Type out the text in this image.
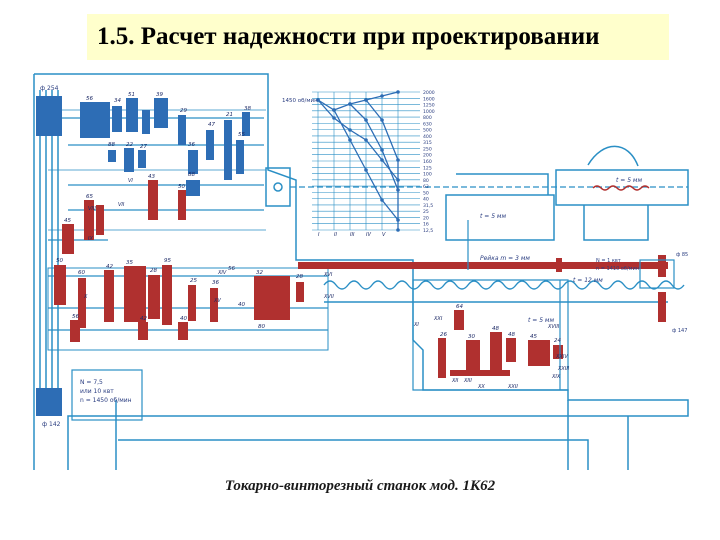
1.5. Расчет надежности при проектировании
ф 254
ф 142
N = 7,5
или 10 квт
n = 1450 об/мин
N = 1 квт
n = 1410 об/мин
ф 85
ф 147
Рейка m = 3 мм
t = 12 мм
t = 5 мм
t = 5 мм
t = 5 мм
2000
1600
1250
1000
800
630
500
400
315
250
200
160
125
100
80
63
50
40
31,5
25
20
16
12,5
1450 об/мин
56	34
51	39
29
47
21
55
38
36
22
88	27
88
45
65
43
50
50
60
42
35
28
95
25	36
32
28
56	42	40
26
64
30
48
48	45
24
56
40
80
I	II	III IV V
VI
VII
VIII
IX
X
XI
XII XIII
XIV
XV
XVI
XVII
XVIII
XIX
XX
XXI
XXII
XXIII
XXIV
Токарно-винторезный станок мод. 1К62
